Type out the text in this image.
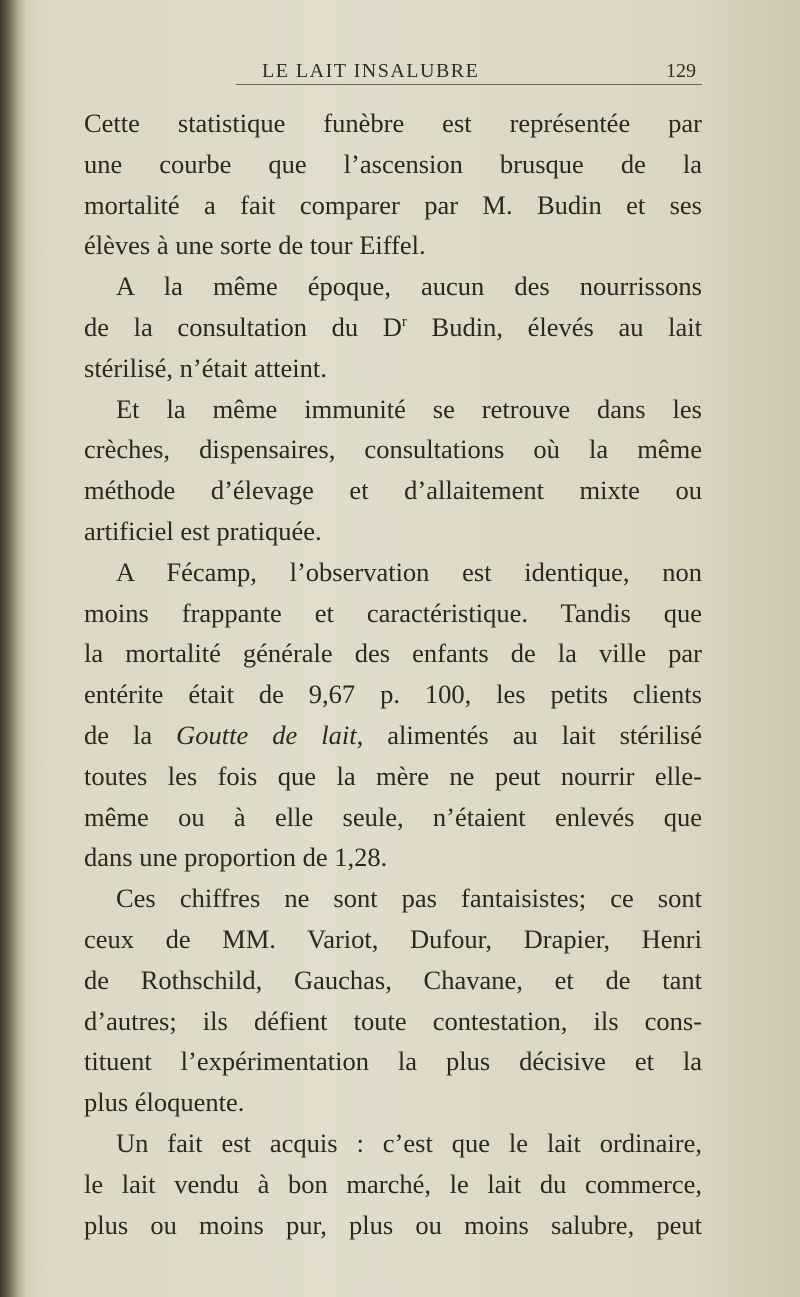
LE LAIT INSALUBRE	129
Cette statistique funèbre est représentée par
une courbe que l’ascension brusque de la
mortalité a fait comparer par M. Budin et ses
élèves à une sorte de tour Eiffel.
A la même époque, aucun des nourrissons
de la consultation du $D^r$ Budin, élevés au lait
stérilisé, n’était atteint.
Et la même immunité se retrouve dans les
crèches, dispensaires, consultations où la même
méthode d’élevage et d’allaitement mixte ou
artificiel est pratiquée.
A Fécamp, l’observation est identique, non
moins frappante et caractéristique. Tandis que
la mortalité générale des enfants de la ville par
entérite était de 9,67 p. 100, les petits clients
de la Goutte de lait, alimentés au lait stérilisé
toutes les fois que la mère ne peut nourrir elle-
même ou à elle seule, n’étaient enlevés que
dans une proportion de 1,28.
Ces chiffres ne sont pas fantaisistes; ce sont
ceux de MM. Variot, Dufour, Drapier, Henri
de Rothschild, Gauchas, Chavane, et de tant
d’autres; ils défient toute contestation, ils cons-
tituent l’expérimentation la plus décisive et la
plus éloquente.
Un fait est acquis : c’est que le lait ordinaire,
le lait vendu à bon marché, le lait du commerce,
plus ou moins pur, plus ou moins salubre, peut
